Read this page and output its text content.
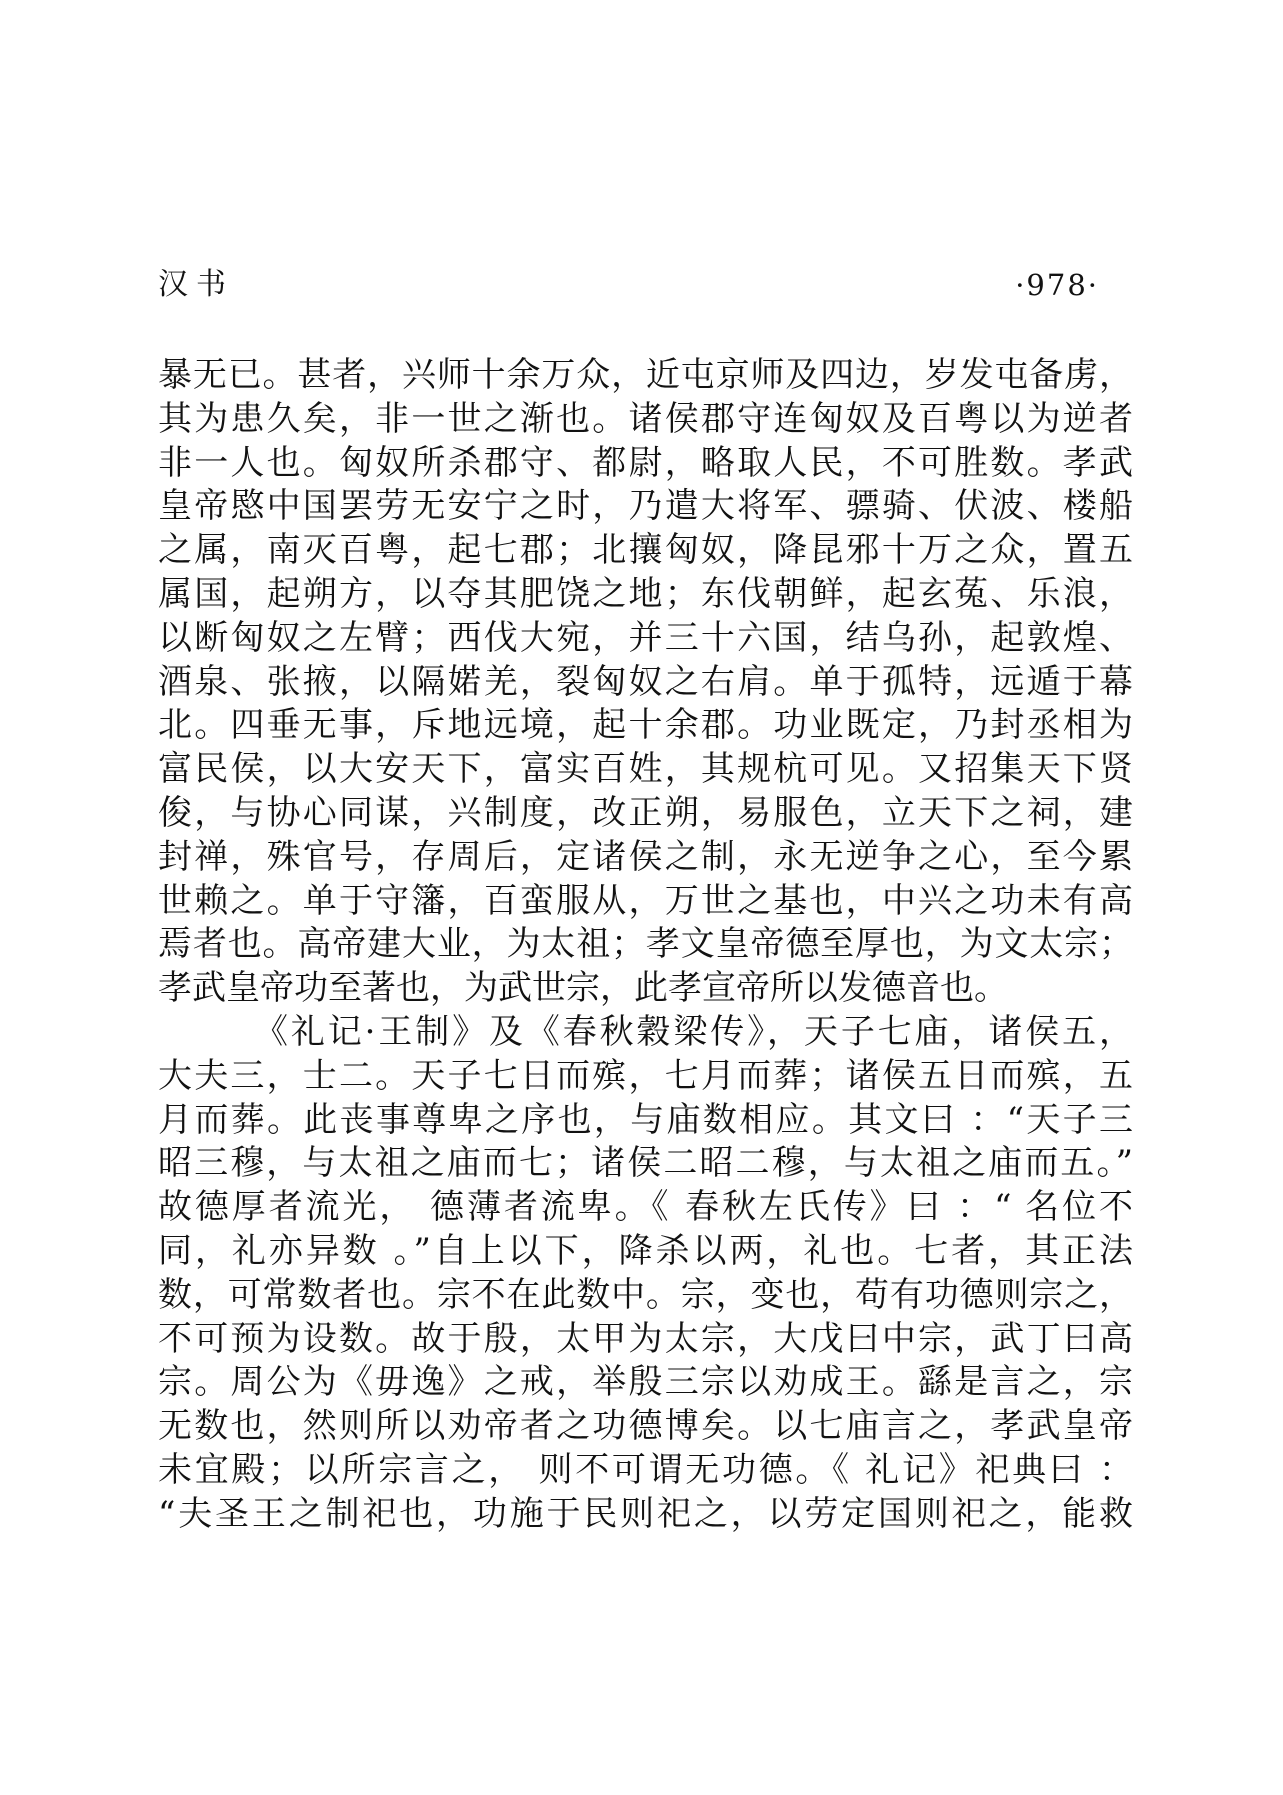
汉书	·978·
暴无已。甚者，兴师十余万众，近屯京师及四边，岁发屯备虏，
其为患久矣，非一世之渐也。诸侯郡守连匈奴及百粤以为逆者
非一人也。匈奴所杀郡守、都尉，略取人民，不可胜数。孝武
皇帝愍中国罢劳无安宁之时，乃遣大将军、骠骑、伏波、楼船
之属，南灭百粤，起七郡；北攘匈奴，降昆邪十万之众，置五
属国，起朔方，以夺其肥饶之地；东伐朝鲜，起玄菟、乐浪，
以断匈奴之左臂；西伐大宛，并三十六国，结乌孙，起敦煌、
酒泉、张掖，以隔婼羌，裂匈奴之右肩。单于孤特，远遁于幕
北。四垂无事，斥地远境，起十余郡。功业既定，乃封丞相为
富民侯，以大安天下，富实百姓，其规杭可见。又招集天下贤
俊，与协心同谋，兴制度，改正朔，易服色，立天下之祠，建
封禅，殊官号，存周后，定诸侯之制，永无逆争之心，至今累
世赖之。单于守籓，百蛮服从，万世之基也，中兴之功未有高
焉者也。高帝建大业，为太祖；孝文皇帝德至厚也，为文太宗；
孝武皇帝功至著也，为武世宗，此孝宣帝所以发德音也。
《礼记·王制》及《春秋穀梁传》，天子七庙，诸侯五，
大夫三，士二。天子七日而殡，七月而葬；诸侯五日而殡，五
月而葬。此丧事尊卑之序也，与庙数相应。其文曰 ：“天子三
昭三穆，与太祖之庙而七；诸侯二昭二穆，与太祖之庙而五。”
故德厚者流光， 德薄者流卑。《 春秋左氏传》曰 ：“ 名位不
同，礼亦异数 。”自上以下，降杀以两，礼也。七者，其正法
数，可常数者也。宗不在此数中。宗，变也，苟有功德则宗之，
不可预为设数。故于殷，太甲为太宗，大戊曰中宗，武丁曰高
宗。周公为《毋逸》之戒，举殷三宗以劝成王。繇是言之，宗
无数也，然则所以劝帝者之功德博矣。以七庙言之，孝武皇帝
未宜殿；以所宗言之， 则不可谓无功德。《 礼记》祀典曰 ：
“夫圣王之制祀也，功施于民则祀之，以劳定国则祀之，能救
